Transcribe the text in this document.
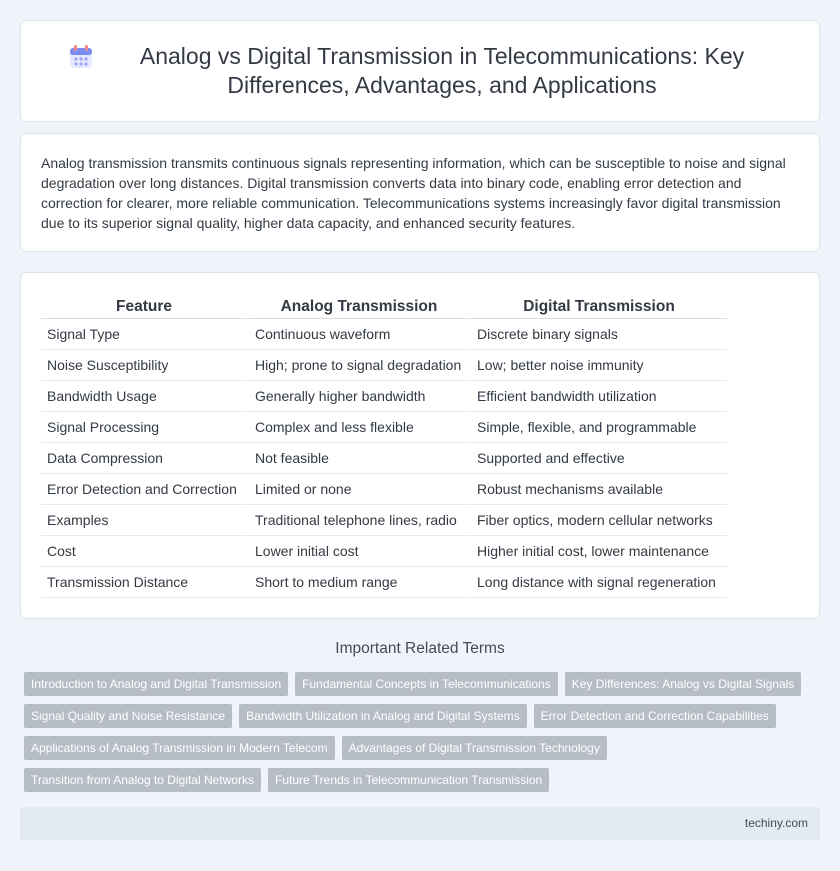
Analog vs Digital Transmission in Telecommunications: Key Differences, Advantages, and Applications

Analog transmission transmits continuous signals representing information, which can be susceptible to noise and signal degradation over long distances. Digital transmission converts data into binary code, enabling error detection and correction for clearer, more reliable communication. Telecommunications systems increasingly favor digital transmission due to its superior signal quality, higher data capacity, and enhanced security features.

Feature	Analog Transmission	Digital Transmission
Signal Type	Continuous waveform	Discrete binary signals
Noise Susceptibility	High; prone to signal degradation	Low; better noise immunity
Bandwidth Usage	Generally higher bandwidth	Efficient bandwidth utilization
Signal Processing	Complex and less flexible	Simple, flexible, and programmable
Data Compression	Not feasible	Supported and effective
Error Detection and Correction	Limited or none	Robust mechanisms available
Examples	Traditional telephone lines, radio	Fiber optics, modern cellular networks
Cost	Lower initial cost	Higher initial cost, lower maintenance
Transmission Distance	Short to medium range	Long distance with signal regeneration
Important Related Terms
Introduction to Analog and Digital Transmission	Fundamental Concepts in Telecommunications	Key Differences: Analog vs Digital Signals
Signal Quality and Noise Resistance	Bandwidth Utilization in Analog and Digital Systems	Error Detection and Correction Capabilities
Applications of Analog Transmission in Modern Telecom	Advantages of Digital Transmission Technology
Transition from Analog to Digital Networks	Future Trends in Telecommunication Transmission
techiny.com
